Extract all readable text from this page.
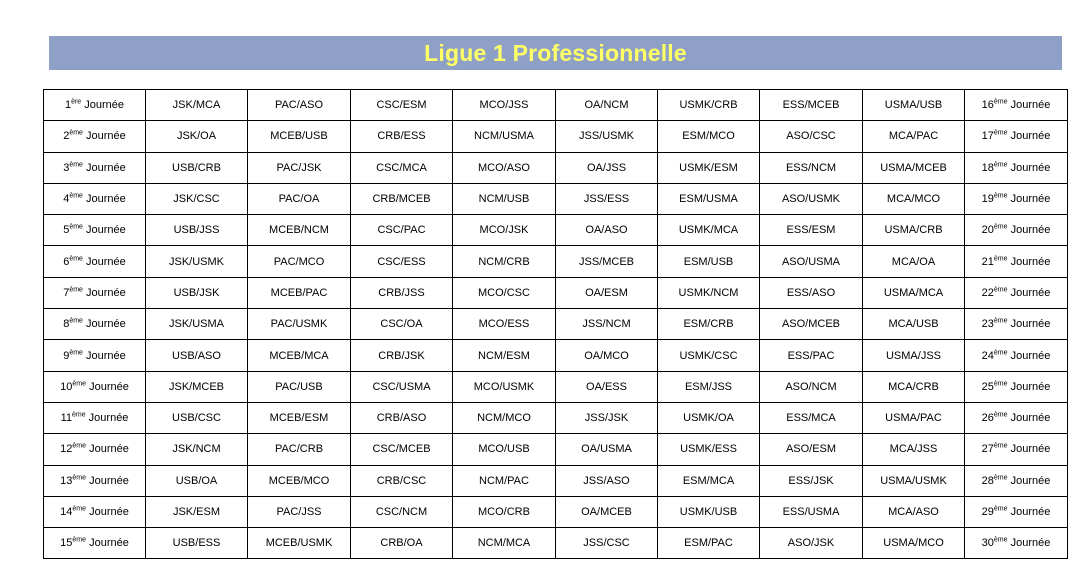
Ligue 1 Professionnelle
1ère Journée	JSK/MCA	PAC/ASO	CSC/ESM	MCO/JSS	OA/NCM	USMK/CRB	ESS/MCEB	USMA/USB	16ème Journée
2ème Journée	JSK/OA	MCEB/USB	CRB/ESS	NCM/USMA	JSS/USMK	ESM/MCO	ASO/CSC	MCA/PAC	17ème Journée
3ème Journée	USB/CRB	PAC/JSK	CSC/MCA	MCO/ASO	OA/JSS	USMK/ESM	ESS/NCM	USMA/MCEB	18ème Journée
4ème Journée	JSK/CSC	PAC/OA	CRB/MCEB	NCM/USB	JSS/ESS	ESM/USMA	ASO/USMK	MCA/MCO	19ème Journée
5ème Journée	USB/JSS	MCEB/NCM	CSC/PAC	MCO/JSK	OA/ASO	USMK/MCA	ESS/ESM	USMA/CRB	20ème Journée
6ème Journée	JSK/USMK	PAC/MCO	CSC/ESS	NCM/CRB	JSS/MCEB	ESM/USB	ASO/USMA	MCA/OA	21ème Journée
7ème Journée	USB/JSK	MCEB/PAC	CRB/JSS	MCO/CSC	OA/ESM	USMK/NCM	ESS/ASO	USMA/MCA	22ème Journée
8ème Journée	JSK/USMA	PAC/USMK	CSC/OA	MCO/ESS	JSS/NCM	ESM/CRB	ASO/MCEB	MCA/USB	23ème Journée
9ème Journée	USB/ASO	MCEB/MCA	CRB/JSK	NCM/ESM	OA/MCO	USMK/CSC	ESS/PAC	USMA/JSS	24ème Journée
10ème Journée	JSK/MCEB	PAC/USB	CSC/USMA	MCO/USMK	OA/ESS	ESM/JSS	ASO/NCM	MCA/CRB	25ème Journée
11ème Journée	USB/CSC	MCEB/ESM	CRB/ASO	NCM/MCO	JSS/JSK	USMK/OA	ESS/MCA	USMA/PAC	26ème Journée
12ème Journée	JSK/NCM	PAC/CRB	CSC/MCEB	MCO/USB	OA/USMA	USMK/ESS	ASO/ESM	MCA/JSS	27ème Journée
13ème Journée	USB/OA	MCEB/MCO	CRB/CSC	NCM/PAC	JSS/ASO	ESM/MCA	ESS/JSK	USMA/USMK	28ème Journée
14ème Journée	JSK/ESM	PAC/JSS	CSC/NCM	MCO/CRB	OA/MCEB	USMK/USB	ESS/USMA	MCA/ASO	29ème Journée
15ème Journée	USB/ESS	MCEB/USMK	CRB/OA	NCM/MCA	JSS/CSC	ESM/PAC	ASO/JSK	USMA/MCO	30ème Journée
